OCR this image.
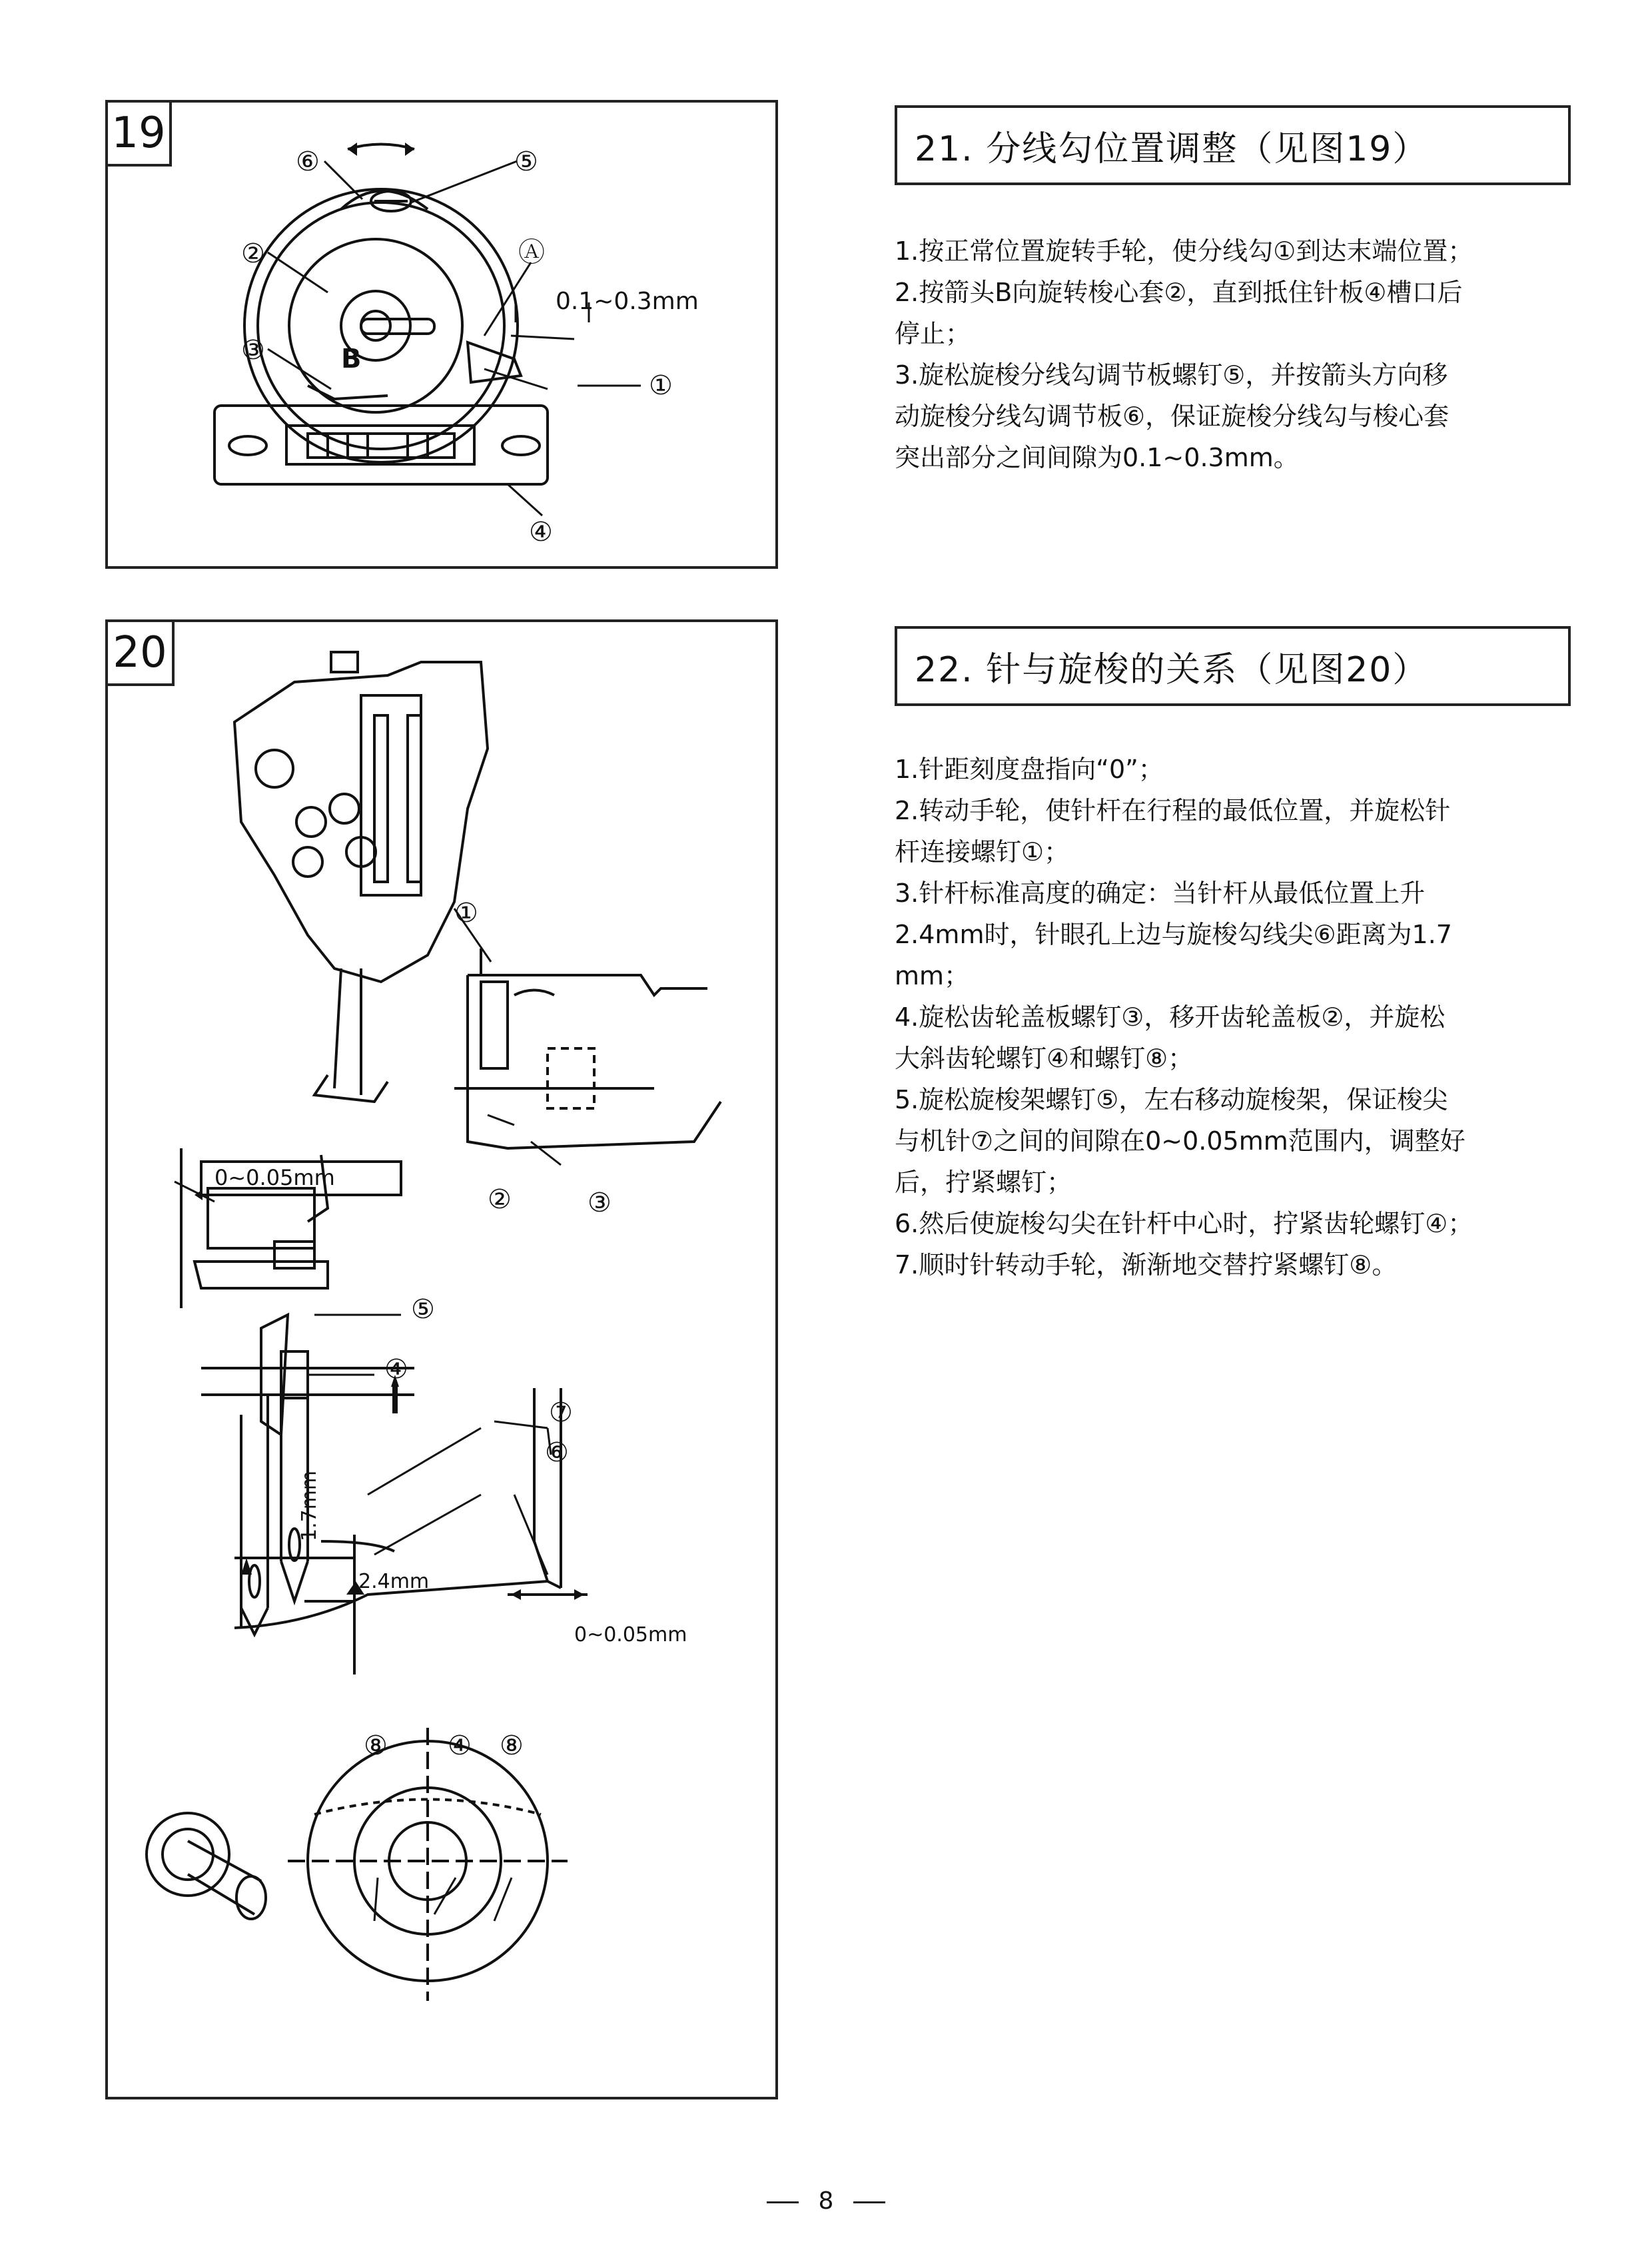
19
⑥	⑤
②	Ⓐ
0.1~0.3mm
③	B
①
④
20
①
②	③
0~0.05mm
⑤
④
⑦
⑥
1.7mm
2.4mm
0~0.05mm
⑧ ④ ⑧
21. 分线勾位置调整（见图19）

1.按正常位置旋转手轮，使分线勾①到达末端位置；

2.按箭头B向旋转梭心套②，直到抵住针板④槽口后

停止；

3.旋松旋梭分线勾调节板螺钉⑤，并按箭头方向移

动旋梭分线勾调节板⑥，保证旋梭分线勾与梭心套

突出部分之间间隙为0.1~0.3mm。

22. 针与旋梭的关系（见图20）

1.针距刻度盘指向“0”；

2.转动手轮，使针杆在行程的最低位置，并旋松针

杆连接螺钉①；

3.针杆标准高度的确定：当针杆从最低位置上升

2.4mm时，针眼孔上边与旋梭勾线尖⑥距离为1.7

mm；

4.旋松齿轮盖板螺钉③，移开齿轮盖板②，并旋松

大斜齿轮螺钉④和螺钉⑧；

5.旋松旋梭架螺钉⑤，左右移动旋梭架，保证梭尖

与机针⑦之间的间隙在0~0.05mm范围内，调整好

后，拧紧螺钉；

6.然后使旋梭勾尖在针杆中心时，拧紧齿轮螺钉④；

7.顺时针转动手轮，渐渐地交替拧紧螺钉⑧。

8
